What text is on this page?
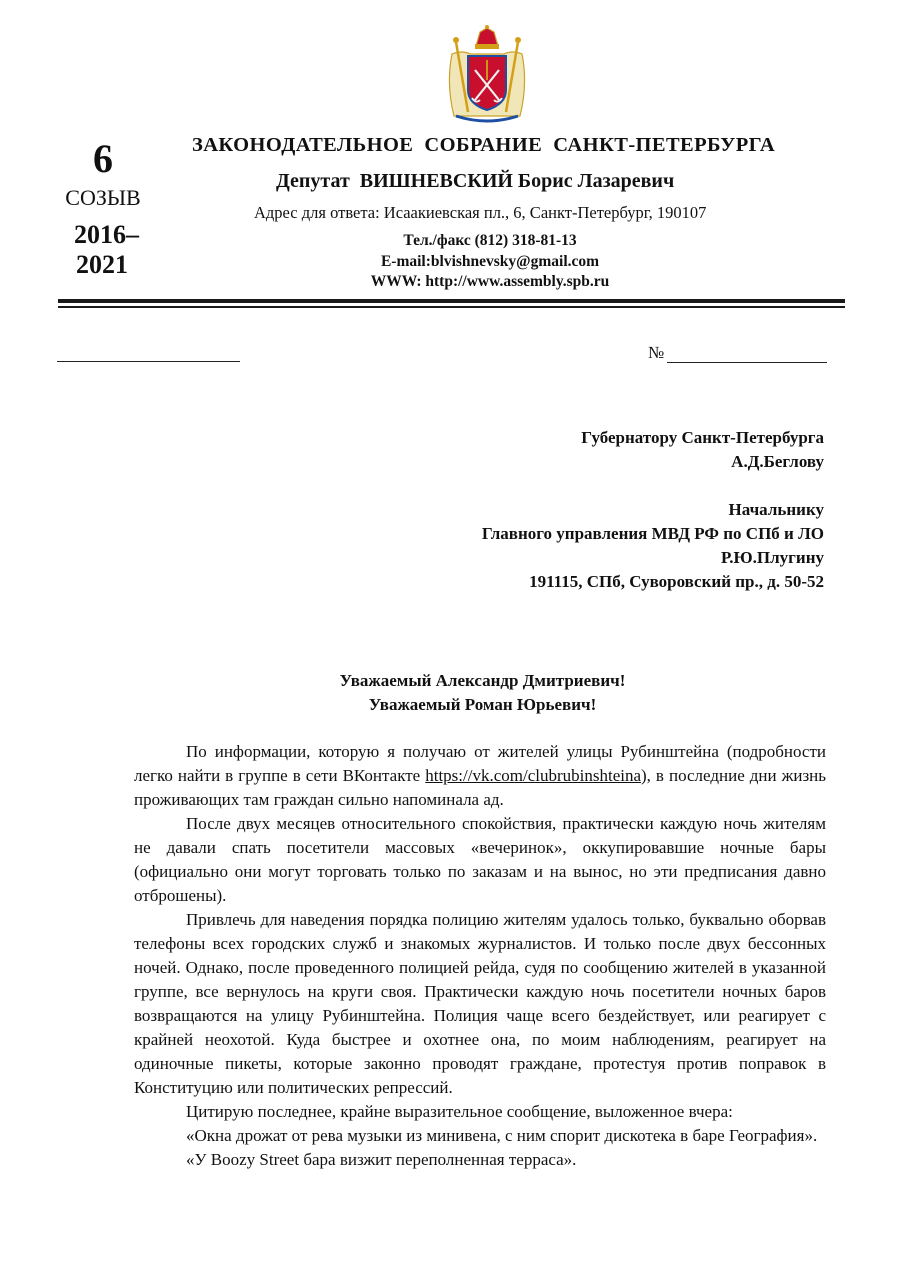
6
СОЗЫВ
2016–
2021
ЗАКОНОДАТЕЛЬНОЕ  СОБРАНИЕ  САНКТ-ПЕТЕРБУРГА
Депутат  ВИШНЕВСКИЙ Борис Лазаревич
Адрес для ответа: Исаакиевская пл., 6, Санкт-Петербург, 190107
Тел./факс (812) 318-81-13
E-mail:blvishnevsky@gmail.com
WWW: http://www.assembly.spb.ru
№
Губернатору Санкт-Петербурга
А.Д.Беглову
Начальнику
Главного управления МВД РФ по СПб и ЛО
Р.Ю.Плугину
191115, СПб, Суворовский пр., д. 50-52
Уважаемый Александр Дмитриевич!
Уважаемый Роман Юрьевич!

По информации, которую я получаю от жителей улицы Рубинштейна (подробности легко найти в группе в сети ВКонтакте https://vk.com/clubrubinshteina), в последние дни жизнь проживающих там граждан сильно напоминала ад.

После двух месяцев относительного спокойствия, практически каждую ночь жителям не давали спать посетители массовых «вечеринок», оккупировавшие ночные бары (официально они могут торговать только по заказам и на вынос, но эти предписания давно отброшены).

Привлечь для наведения порядка полицию жителям удалось только, буквально оборвав телефоны всех городских служб и знакомых журналистов. И только после двух бессонных ночей. Однако, после проведенного полицией рейда, судя по сообщению жителей в указанной группе, все вернулось на круги своя. Практически каждую ночь посетители ночных баров возвращаются на улицу Рубинштейна. Полиция чаще всего бездействует, или реагирует с крайней неохотой. Куда быстрее и охотнее она, по моим наблюдениям, реагирует на одиночные пикеты, которые законно проводят граждане, протестуя против поправок в Конституцию или политических репрессий.

Цитирую последнее, крайне выразительное сообщение, выложенное вчера:

«Окна дрожат от рева музыки из минивена, с ним спорит дискотека в баре География».

«У Boozy Street бара визжит переполненная терраса».
